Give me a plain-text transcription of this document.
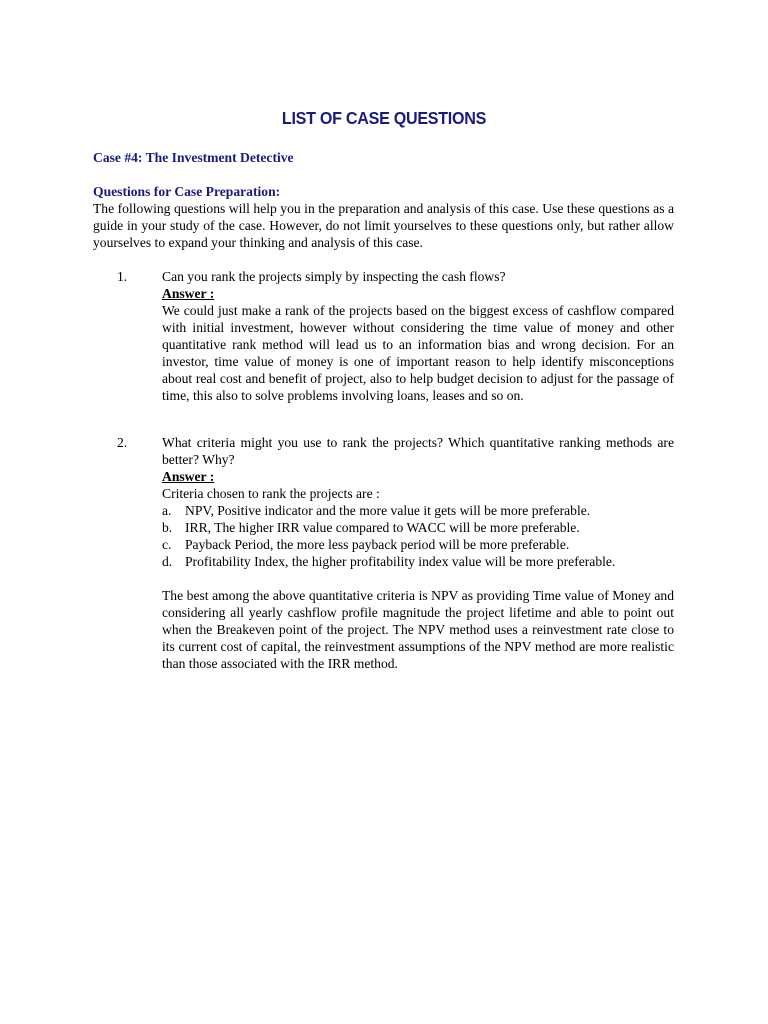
LIST OF CASE QUESTIONS
Case #4: The Investment Detective
Questions for Case Preparation:
The following questions will help you in the preparation and analysis of this case. Use these questions as a guide in your study of the case. However, do not limit yourselves to these questions only, but rather allow yourselves to expand your thinking and analysis of this case.
1.	Can you rank the projects simply by inspecting the cash flows?
Answer :
We could just make a rank of the projects based on the biggest excess of cashflow compared with initial investment, however without considering the time value of money and other quantitative rank method will lead us to an information bias and wrong decision. For an investor, time value of money is one of important reason to help identify misconceptions about real cost and benefit of project, also to help budget decision to adjust for the passage of time, this also to solve problems involving loans, leases and so on.
2.	What criteria might you use to rank the projects? Which quantitative ranking methods are better? Why?
Answer :
Criteria chosen to rank the projects are :
a. NPV, Positive indicator and the more value it gets will be more preferable.
b. IRR, The higher IRR value compared to WACC will be more preferable.
c. Payback Period, the more less payback period will be more preferable.
d. Profitability Index, the higher profitability index value will be more preferable.
The best among the above quantitative criteria is NPV as providing Time value of Money and considering all yearly cashflow profile magnitude the project lifetime and able to point out when the Breakeven point of the project. The NPV method uses a reinvestment rate close to its current cost of capital, the reinvestment assumptions of the NPV method are more realistic than those associated with the IRR method.
